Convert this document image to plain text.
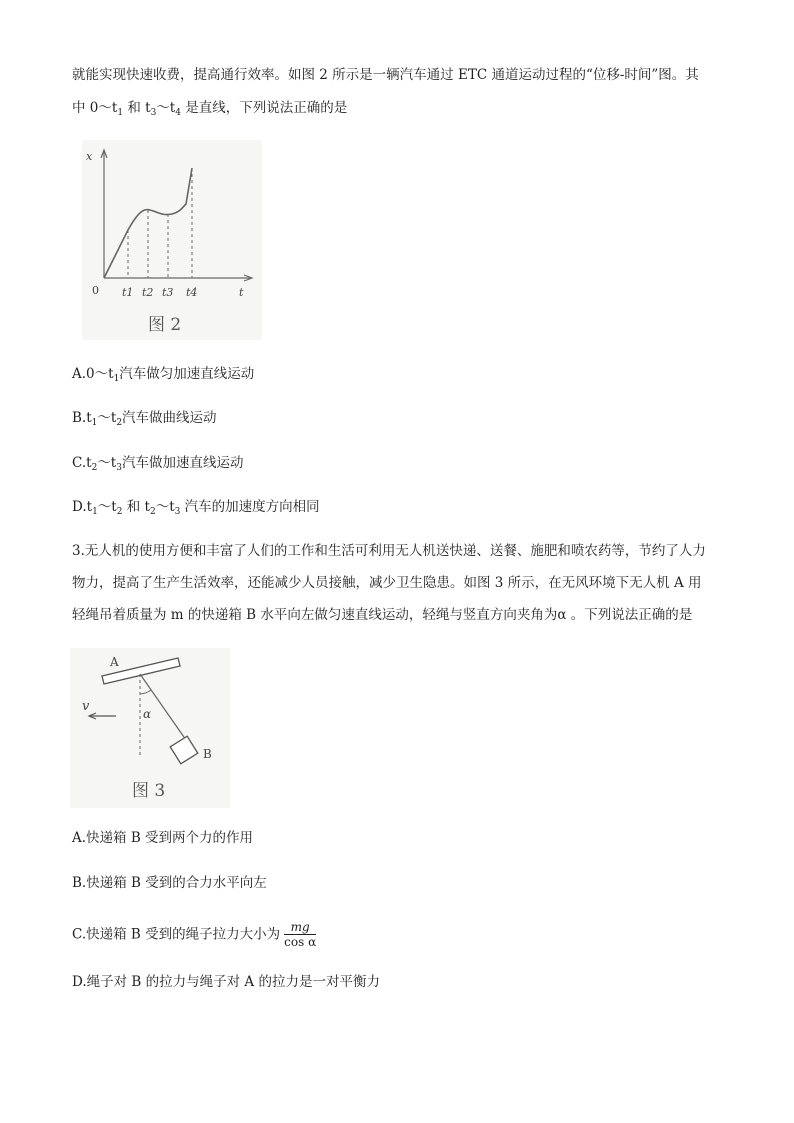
就能实现快速收费，提高通行效率。如图 2 所示是一辆汽车通过 ETC 通道运动过程的“位移-时间”图。其
中 $0\sim t_1$ 和 $t_3\sim t_4$ 是直线，下列说法正确的是
x
0 t1 t2 t3 t4	t
图 2
$A.0\sim t_1$汽车做匀加速直线运动
$B.t_1\sim t_2$汽车做曲线运动
$C.t_2\sim t_3$汽车做加速直线运动
$D.t_1\sim t_2$ 和 $t_2\sim t_3$ 汽车的加速度方向相同
3.无人机的使用方便和丰富了人们的工作和生活可利用无人机送快递、送餐、施肥和喷农药等，节约了人力
物力，提高了生产生活效率，还能减少人员接触，减少卫生隐患。如图 3 所示，在无风环境下无人机 A 用
轻绳吊着质量为 m 的快递箱 B 水平向左做匀速直线运动，轻绳与竖直方向夹角为α 。下列说法正确的是
A
B
α
v
图 3
A.快递箱 B 受到两个力的作用
B.快递箱 B 受到的合力水平向左
C.快递箱 B 受到的绳子拉力大小为 $\frac{mg}{\text{cos α}}$
D.绳子对 B 的拉力与绳子对 A 的拉力是一对平衡力
